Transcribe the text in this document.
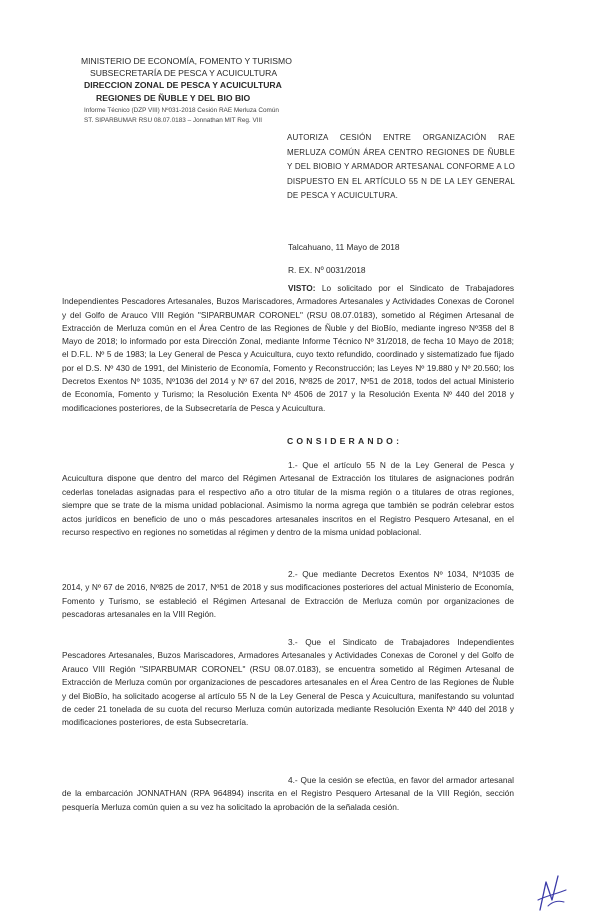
MINISTERIO DE ECONOMÍA, FOMENTO Y TURISMO
SUBSECRETARÍA DE PESCA Y ACUICULTURA
DIRECCION ZONAL DE PESCA Y ACUICULTURA
REGIONES DE ÑUBLE Y DEL BIO BIO
Informe Técnico (DZP VIII) Nº031-2018 Cesión RAE Merluza Común
ST. SIPARBUMAR RSU 08.07.0183 – Jonnathan MIT Reg. VIII
AUTORIZA CESIÓN ENTRE ORGANIZACIÓN RAE MERLUZA COMÚN ÁREA CENTRO REGIONES DE ÑUBLE Y DEL BIOBIO Y ARMADOR ARTESANAL CONFORME A LO DISPUESTO EN EL ARTÍCULO 55 N DE LA LEY GENERAL DE PESCA Y ACUICULTURA.
Talcahuano, 11 Mayo de 2018
R. EX. Nº 0031/2018
VISTO: Lo solicitado por el Sindicato de Trabajadores Independientes Pescadores Artesanales, Buzos Mariscadores, Armadores Artesanales y Actividades Conexas de Coronel y del Golfo de Arauco VIII Región "SIPARBUMAR CORONEL" (RSU 08.07.0183), sometido al Régimen Artesanal de Extracción de Merluza común en el Área Centro de las Regiones de Ñuble y del BioBío, mediante ingreso Nº358 del 8 Mayo de 2018; lo informado por esta Dirección Zonal, mediante Informe Técnico Nº 31/2018, de fecha 10 Mayo de 2018; el D.F.L. Nº 5 de 1983; la Ley General de Pesca y Acuicultura, cuyo texto refundido, coordinado y sistematizado fue fijado por el D.S. Nº 430 de 1991, del Ministerio de Economía, Fomento y Reconstrucción; las Leyes Nº 19.880 y Nº 20.560; los Decretos Exentos Nº 1035, Nº1036 del 2014 y Nº 67 del 2016, Nº825 de 2017, Nº51 de 2018, todos del actual Ministerio de Economía, Fomento y Turismo; la Resolución Exenta Nº 4506 de 2017 y la Resolución Exenta Nº 440 del 2018 y modificaciones posteriores, de la Subsecretaría de Pesca y Acuicultura.
CONSIDERANDO:
1.- Que el artículo 55 N de la Ley General de Pesca y Acuicultura dispone que dentro del marco del Régimen Artesanal de Extracción los titulares de asignaciones podrán cederlas toneladas asignadas para el respectivo año a otro titular de la misma región o a titulares de otras regiones, siempre que se trate de la misma unidad poblacional. Asimismo la norma agrega que también se podrán celebrar estos actos jurídicos en beneficio de uno o más pescadores artesanales inscritos en el Registro Pesquero Artesanal, en el recurso respectivo en regiones no sometidas al régimen y dentro de la misma unidad poblacional.
2.- Que mediante Decretos Exentos Nº 1034, Nº1035 de 2014, y Nº 67 de 2016, Nº825 de 2017, Nº51 de 2018 y sus modificaciones posteriores del actual Ministerio de Economía, Fomento y Turismo, se estableció el Régimen Artesanal de Extracción de Merluza común por organizaciones de pescadoras artesanales en la VIII Región.
3.- Que el Sindicato de Trabajadores Independientes Pescadores Artesanales, Buzos Mariscadores, Armadores Artesanales y Actividades Conexas de Coronel y del Golfo de Arauco VIII Región "SIPARBUMAR CORONEL" (RSU 08.07.0183), se encuentra sometido al Régimen Artesanal de Extracción de Merluza común por organizaciones de pescadores artesanales en el Área Centro de las Regiones de Ñuble y del BioBío, ha solicitado acogerse al artículo 55 N de la Ley General de Pesca y Acuicultura, manifestando su voluntad de ceder 21 tonelada de su cuota del recurso Merluza común autorizada mediante Resolución Exenta Nº 440 del 2018 y modificaciones posteriores, de esta Subsecretaría.
4.- Que la cesión se efectúa, en favor del armador artesanal de la embarcación JONNATHAN (RPA 964894) inscrita en el Registro Pesquero Artesanal de la VIII Región, sección pesquería Merluza común quien a su vez ha solicitado la aprobación de la señalada cesión.
